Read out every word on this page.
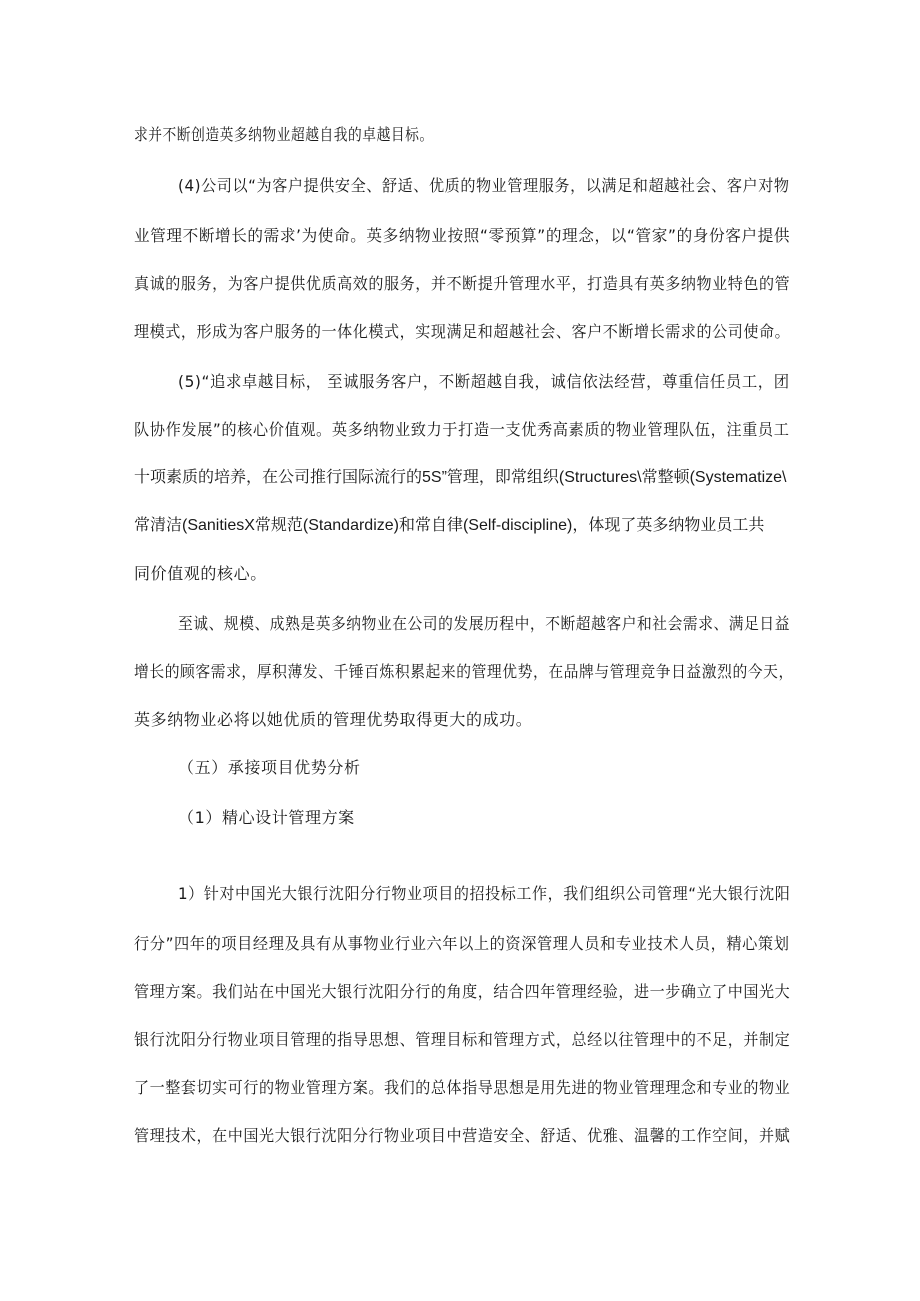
求并不断创造英多纳物业超越自我的卓越目标。
(4)公司以“为客户提供安全、舒适、优质的物业管理服务，以满足和超越社会、客户对物
业管理不断增长的需求’为使命。英多纳物业按照“零预算”的理念，以“管家”的身份客户提供
真诚的服务，为客户提供优质高效的服务，并不断提升管理水平，打造具有英多纳物业特色的管
理模式，形成为客户服务的一体化模式，实现满足和超越社会、客户不断增长需求的公司使命。
(5)“追求卓越目标， 至诚服务客户，不断超越自我，诚信依法经营，尊重信任员工，团
队协作发展”的核心价值观。英多纳物业致力于打造一支优秀高素质的物业管理队伍，注重员工
十项素质的培养，在公司推行国际流行的5S”管理，即常组织(Structures\常整顿(Systematize\
常清洁(SanitiesX常规范(Standardize)和常自律(Self-discipline)，体现了英多纳物业员工共
同价值观的核心。
至诚、规模、成熟是英多纳物业在公司的发展历程中，不断超越客户和社会需求、满足日益
增长的顾客需求，厚积薄发、千锤百炼积累起来的管理优势，在品牌与管理竞争日益激烈的今天，
英多纳物业必将以她优质的管理优势取得更大的成功。
（五）承接项目优势分析
（1）精心设计管理方案
1）针对中国光大银行沈阳分行物业项目的招投标工作，我们组织公司管理“光大银行沈阳
行分”四年的项目经理及具有从事物业行业六年以上的资深管理人员和专业技术人员，精心策划
管理方案。我们站在中国光大银行沈阳分行的角度，结合四年管理经验，进一步确立了中国光大
银行沈阳分行物业项目管理的指导思想、管理目标和管理方式，总经以往管理中的不足，并制定
了一整套切实可行的物业管理方案。我们的总体指导思想是用先进的物业管理理念和专业的物业
管理技术，在中国光大银行沈阳分行物业项目中营造安全、舒适、优雅、温馨的工作空间，并赋
